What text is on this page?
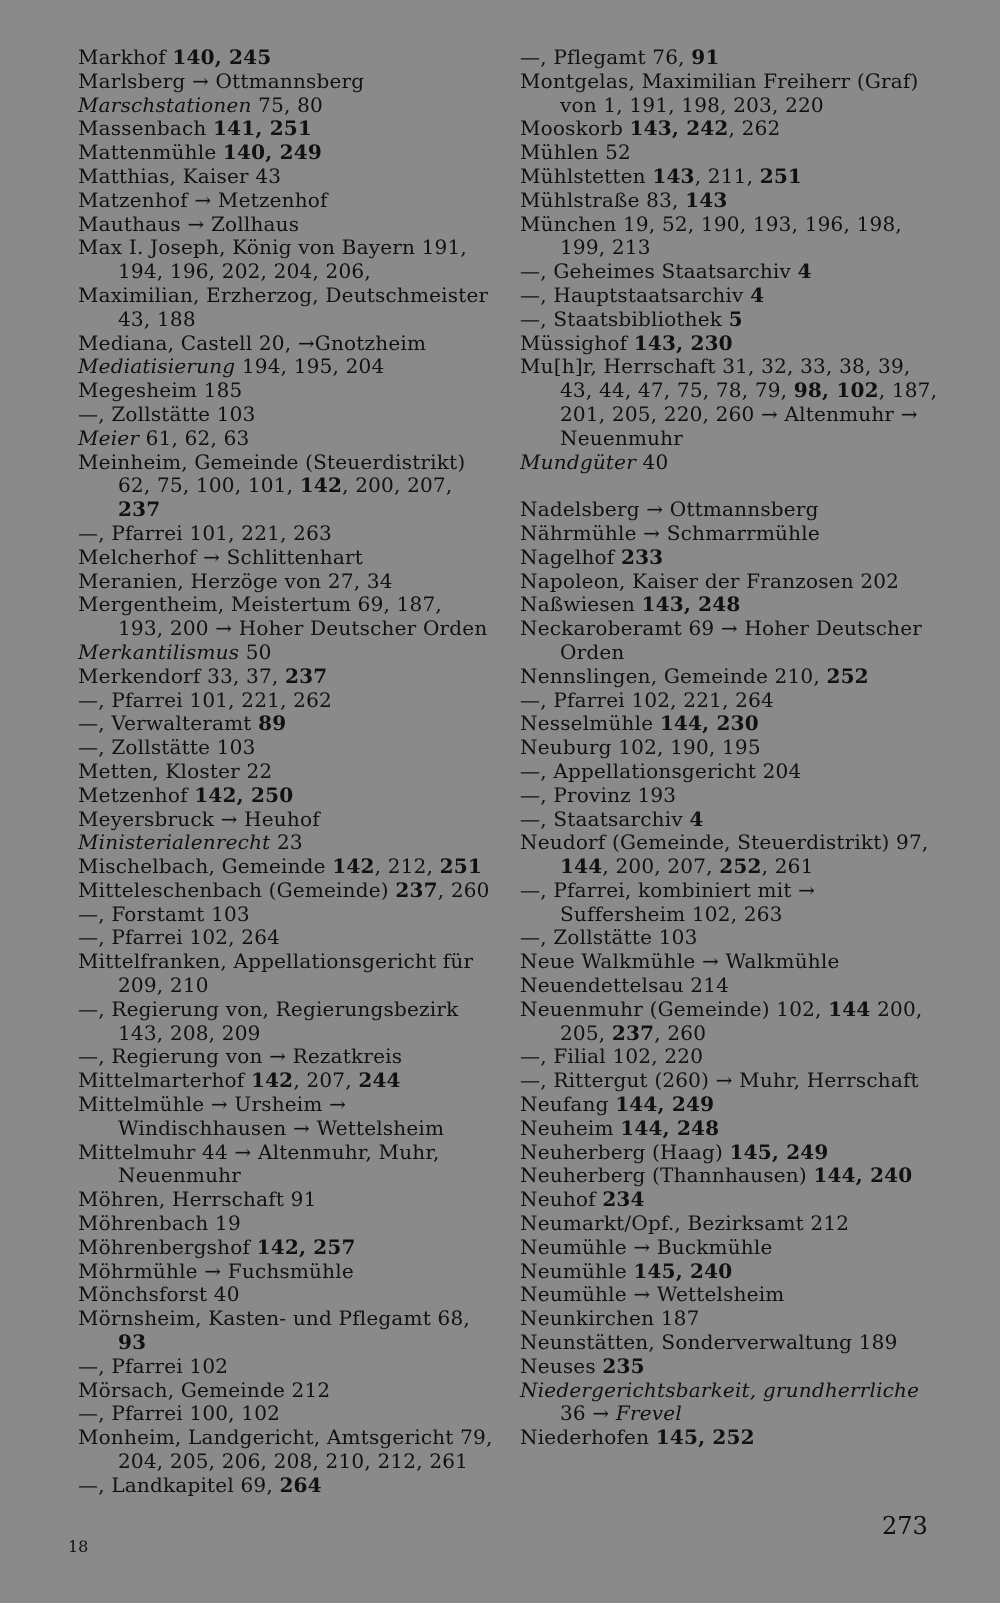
Markhof 140, 245
Marlsberg → Ottmannsberg
Marschstationen 75, 80
Massenbach 141, 251
Mattenmühle 140, 249
Matthias, Kaiser 43
Matzenhof → Metzenhof
Mauthaus → Zollhaus
Max I. Joseph, König von Bayern 191, 194, 196, 202, 204, 206,
Maximilian, Erzherzog, Deutschmeister 43, 188
Mediana, Castell 20, →Gnotzheim
Mediatisierung 194, 195, 204
Megesheim 185
—, Zollstätte 103
Meier 61, 62, 63
Meinheim, Gemeinde (Steuerdistrikt) 62, 75, 100, 101, 142, 200, 207, 237
—, Pfarrei 101, 221, 263
Melcherhof → Schlittenhart
Meranien, Herzöge von 27, 34
Mergentheim, Meistertum 69, 187, 193, 200 → Hoher Deutscher Orden
Merkantilismus 50
Merkendorf 33, 37, 237
—, Pfarrei 101, 221, 262
—, Verwalteramt 89
—, Zollstätte 103
Metten, Kloster 22
Metzenhof 142, 250
Meyersbruck → Heuhof
Ministerialenrecht 23
Mischelbach, Gemeinde 142, 212, 251
Mitteleschenbach (Gemeinde) 237, 260
—, Forstamt 103
—, Pfarrei 102, 264
Mittelfranken, Appellationsgericht für 209, 210
—, Regierung von, Regierungsbezirk 143, 208, 209
—, Regierung von → Rezatkreis
Mittelmarterhof 142, 207, 244
Mittelmühle → Ursheim → Windischhausen → Wettelsheim
Mittelmuhr 44 → Altenmuhr, Muhr, Neuenmuhr
Möhren, Herrschaft 91
Möhrenbach 19
Möhrenbergshof 142, 257
Möhrmühle → Fuchsmühle
Mönchsforst 40
Mörnsheim, Kasten- und Pflegamt 68, 93
—, Pfarrei 102
Mörsach, Gemeinde 212
—, Pfarrei 100, 102
Monheim, Landgericht, Amtsgericht 79, 204, 205, 206, 208, 210, 212, 261
—, Landkapitel 69, 264
—, Pflegamt 76, 91
Montgelas, Maximilian Freiherr (Graf) von 1, 191, 198, 203, 220
Mooskorb 143, 242, 262
Mühlen 52
Mühlstetten 143, 211, 251
Mühlstraße 83, 143
München 19, 52, 190, 193, 196, 198, 199, 213
—, Geheimes Staatsarchiv 4
—, Hauptstaatsarchiv 4
—, Staatsbibliothek 5
Müssighof 143, 230
Mu[h]r, Herrschaft 31, 32, 33, 38, 39, 43, 44, 47, 75, 78, 79, 98, 102, 187, 201, 205, 220, 260 → Altenmuhr → Neuenmuhr
Mundgüter 40
Nadelsberg → Ottmannsberg
Nährmühle → Schmarrmühle
Nagelhof 233
Napoleon, Kaiser der Franzosen 202
Naßwiesen 143, 248
Neckaroberamt 69 → Hoher Deutscher Orden
Nennslingen, Gemeinde 210, 252
—, Pfarrei 102, 221, 264
Nesselmühle 144, 230
Neuburg 102, 190, 195
—, Appellationsgericht 204
—, Provinz 193
—, Staatsarchiv 4
Neudorf (Gemeinde, Steuerdistrikt) 97, 144, 200, 207, 252, 261
—, Pfarrei, kombiniert mit → Suffersheim 102, 263
—, Zollstätte 103
Neue Walkmühle → Walkmühle
Neuendettelsau 214
Neuenmuhr (Gemeinde) 102, 144 200, 205, 237, 260
—, Filial 102, 220
—, Rittergut (260) → Muhr, Herrschaft
Neufang 144, 249
Neuheim 144, 248
Neuherberg (Haag) 145, 249
Neuherberg (Thannhausen) 144, 240
Neuhof 234
Neumarkt/Opf., Bezirksamt 212
Neumühle → Buckmühle
Neumühle 145, 240
Neumühle → Wettelsheim
Neunkirchen 187
Neunstätten, Sonderverwaltung 189
Neuses 235
Niedergerichtsbarkeit, grundherrliche 36 → Frevel
Niederhofen 145, 252
18
273
